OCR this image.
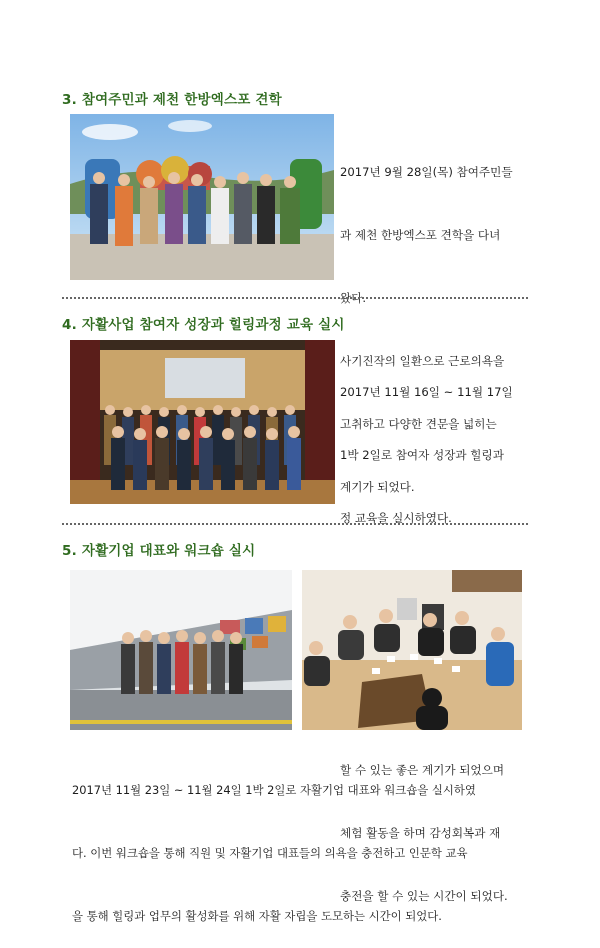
3. 참여주민과 제천 한방엑스포 견학

2017년 9월 28일(목) 참여주민들

과 제천 한방엑스포 견학을 다녀

왔다.

사기진작의 일환으로 근로의욕을

고취하고 다양한 견문을 넓히는

계기가 되었다.

4. 자활사업 참여자 성장과 힐링과정 교육 실시

2017년 11월 16일 ~ 11월 17일

1박 2일로 참여자 성장과 힐링과

정 교육을 실시하였다.

할 수 있는 좋은 계기가 되었으며

체험 활동을 하며 감성회복과 재

충전을 할 수 있는 시간이 되었다.

5. 자활기업 대표와 워크숍 실시

2017년 11월 23일 ~ 11월 24일 1박 2일로 자활기업 대표와 워크숍을 실시하였

다. 이번 워크숍을 통해 직원 및 자활기업 대표들의 의욕을 충전하고 인문학 교육

을 통해 힐링과 업무의 활성화를 위해 자활 자립을 도모하는 시간이 되었다.
